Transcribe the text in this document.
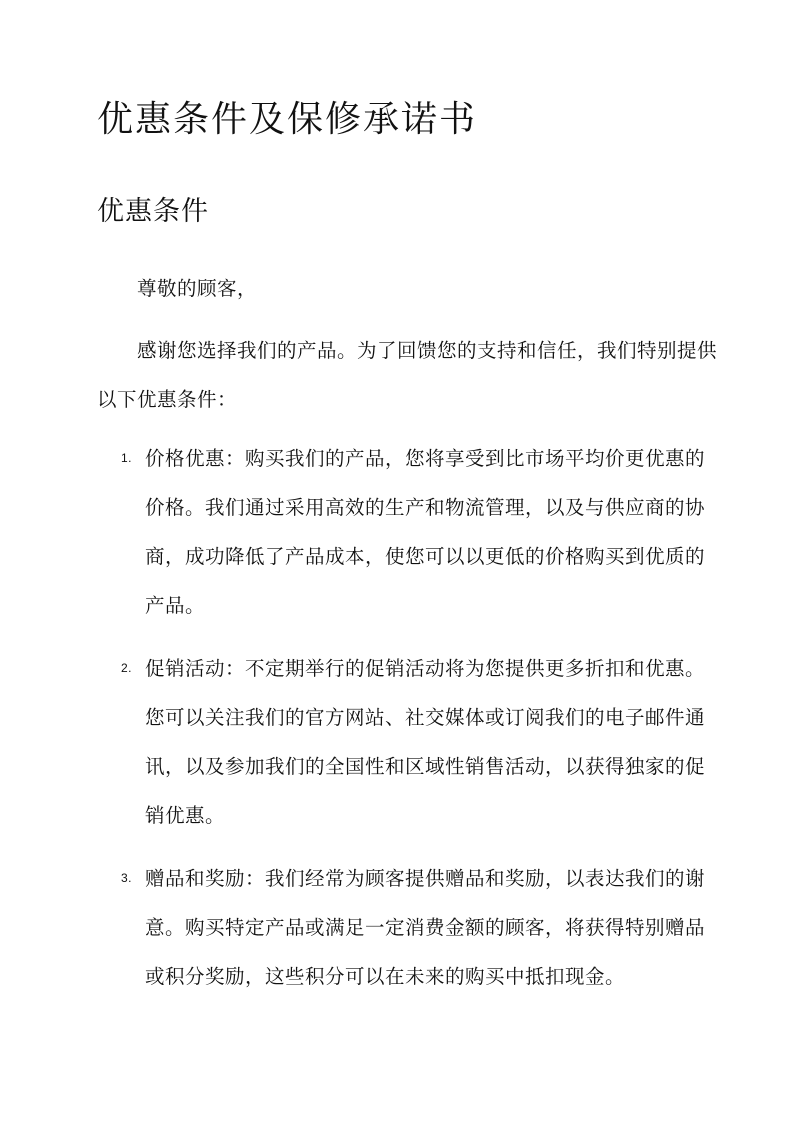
优惠条件及保修承诺书
优惠条件

尊敬的顾客，

感谢您选择我们的产品。为了回馈您的支持和信任，我们特别提供以下优惠条件：

1. 价格优惠：购买我们的产品，您将享受到比市场平均价更优惠的价格。我们通过采用高效的生产和物流管理，以及与供应商的协商，成功降低了产品成本，使您可以以更低的价格购买到优质的产品。
2. 促销活动：不定期举行的促销活动将为您提供更多折扣和优惠。您可以关注我们的官方网站、社交媒体或订阅我们的电子邮件通讯，以及参加我们的全国性和区域性销售活动，以获得独家的促销优惠。
3. 赠品和奖励：我们经常为顾客提供赠品和奖励，以表达我们的谢意。购买特定产品或满足一定消费金额的顾客，将获得特别赠品或积分奖励，这些积分可以在未来的购买中抵扣现金。
